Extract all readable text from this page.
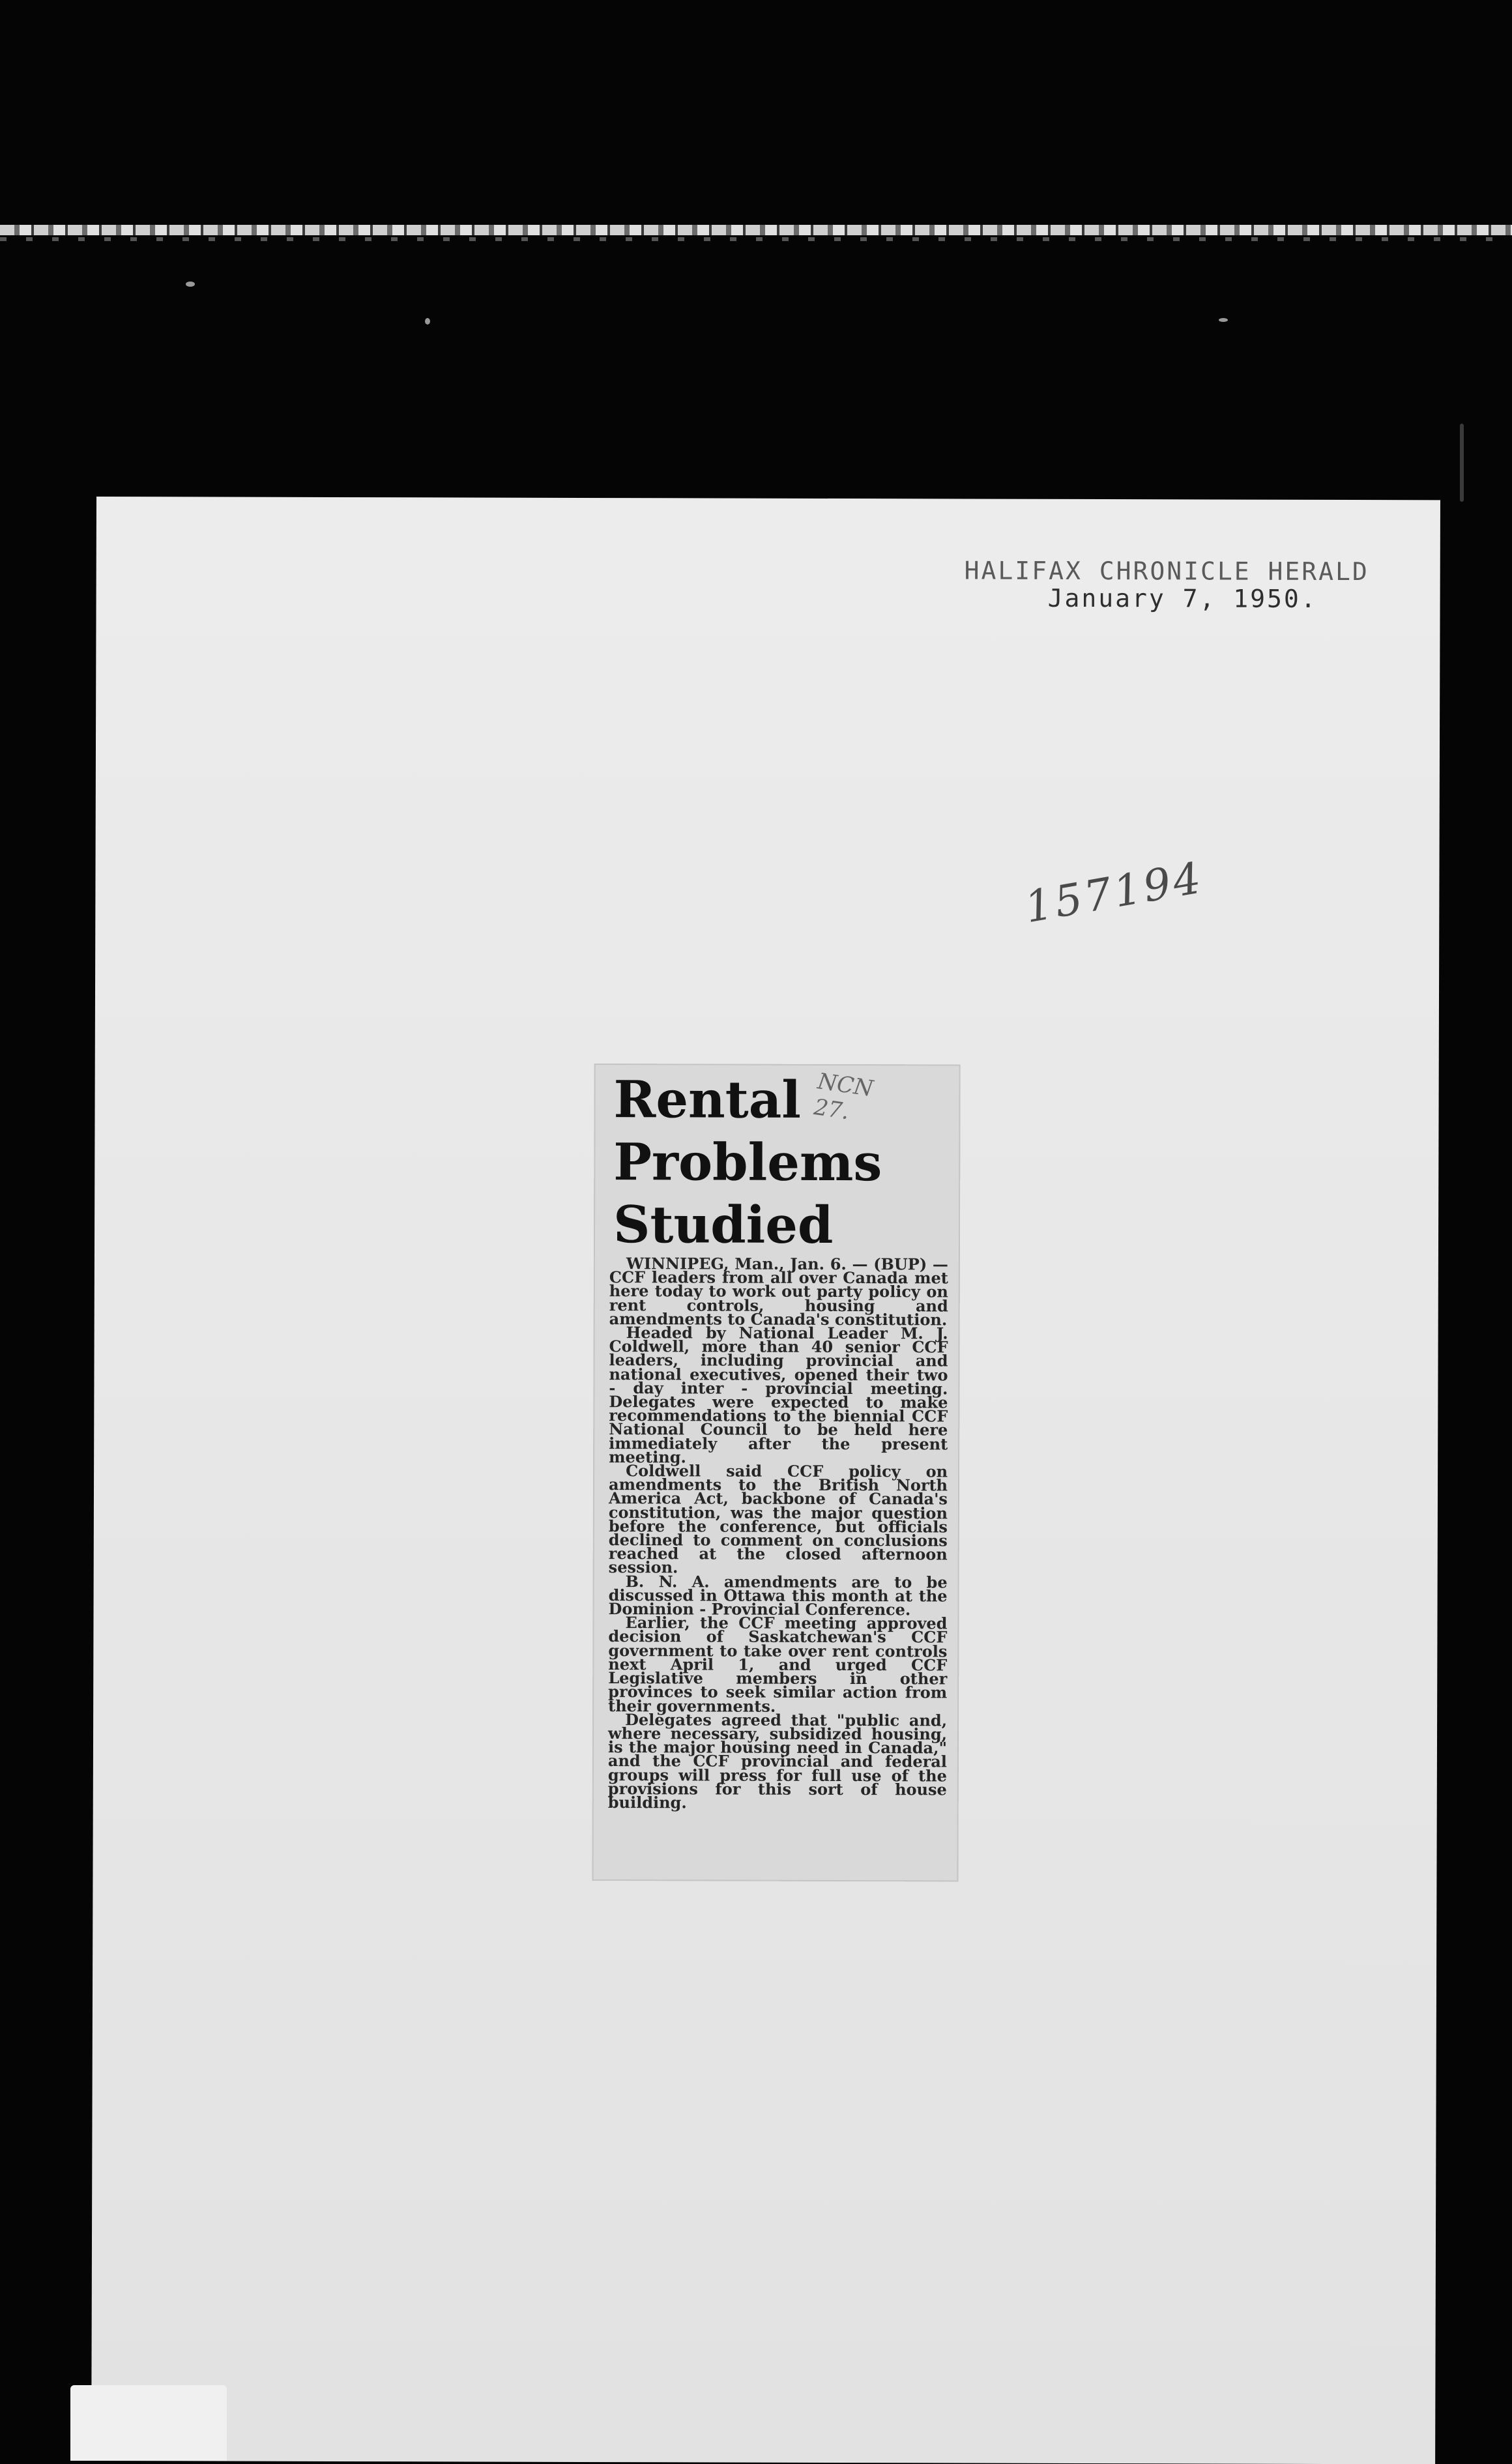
HALIFAX CHRONICLE HERALD
January 7, 1950.
157194
Rental Problems Studied
NCN
27.

WINNIPEG, Man., Jan. 6. — (BUP) — CCF leaders from all over Canada met here today to work out party policy on rent controls, housing and amendments to Canada's constitution.

Headed by National Leader M. J. Coldwell, more than 40 senior CCF leaders, including provincial and national executives, opened their two - day inter - provincial meeting. Delegates were expected to make recommendations to the biennial CCF National Council to be held here immediately after the present meeting.

Coldwell said CCF policy on amendments to the British North America Act, backbone of Canada's constitution, was the major question before the conference, but officials declined to comment on conclusions reached at the closed afternoon session.

B. N. A. amendments are to be discussed in Ottawa this month at the Dominion - Provincial Conference.

Earlier, the CCF meeting approved decision of Saskatchewan's CCF government to take over rent controls next April 1, and urged CCF Legislative members in other provinces to seek similar action from their governments.

Delegates agreed that "public and, where necessary, subsidized housing, is the major housing need in Canada," and the CCF provincial and federal groups will press for full use of the provisions for this sort of house building.
